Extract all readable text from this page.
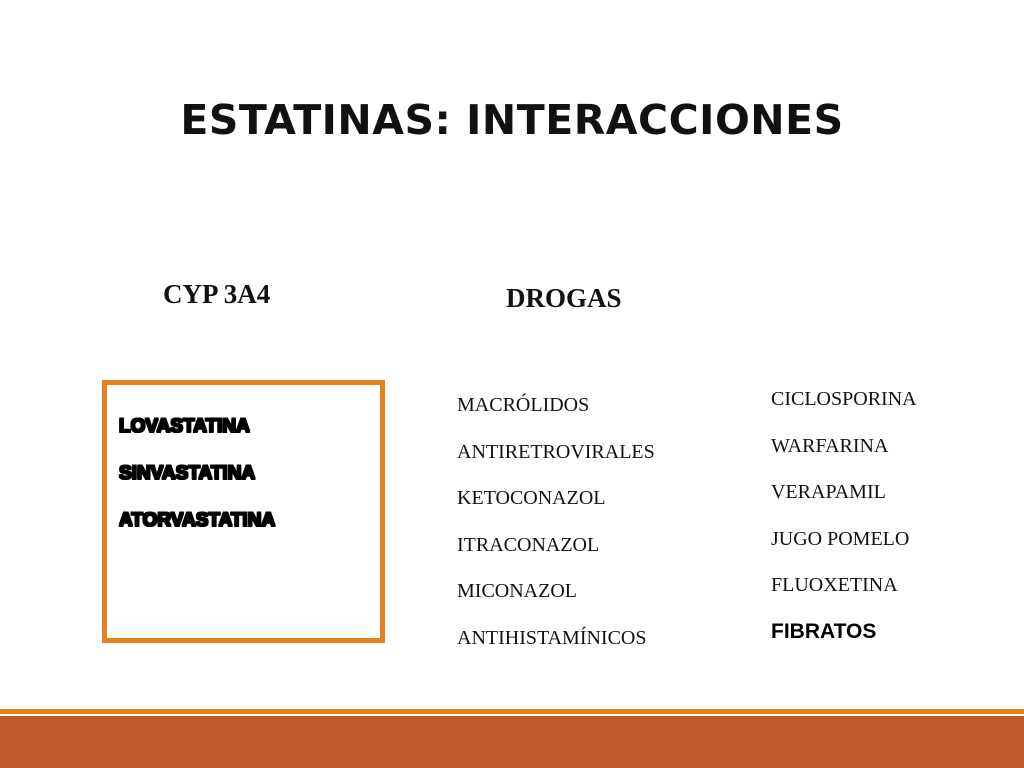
ESTATINAS: INTERACCIONES
CYP 3A4	DROGAS
LOVASTATINA
SINVASTATINA
ATORVASTATINA
MACRÓLIDOS
ANTIRETROVIRALES
KETOCONAZOL
ITRACONAZOL
MICONAZOL
ANTIHISTAMÍNICOS
CICLOSPORINA
WARFARINA
VERAPAMIL
JUGO POMELO
FLUOXETINA
FIBRATOS
